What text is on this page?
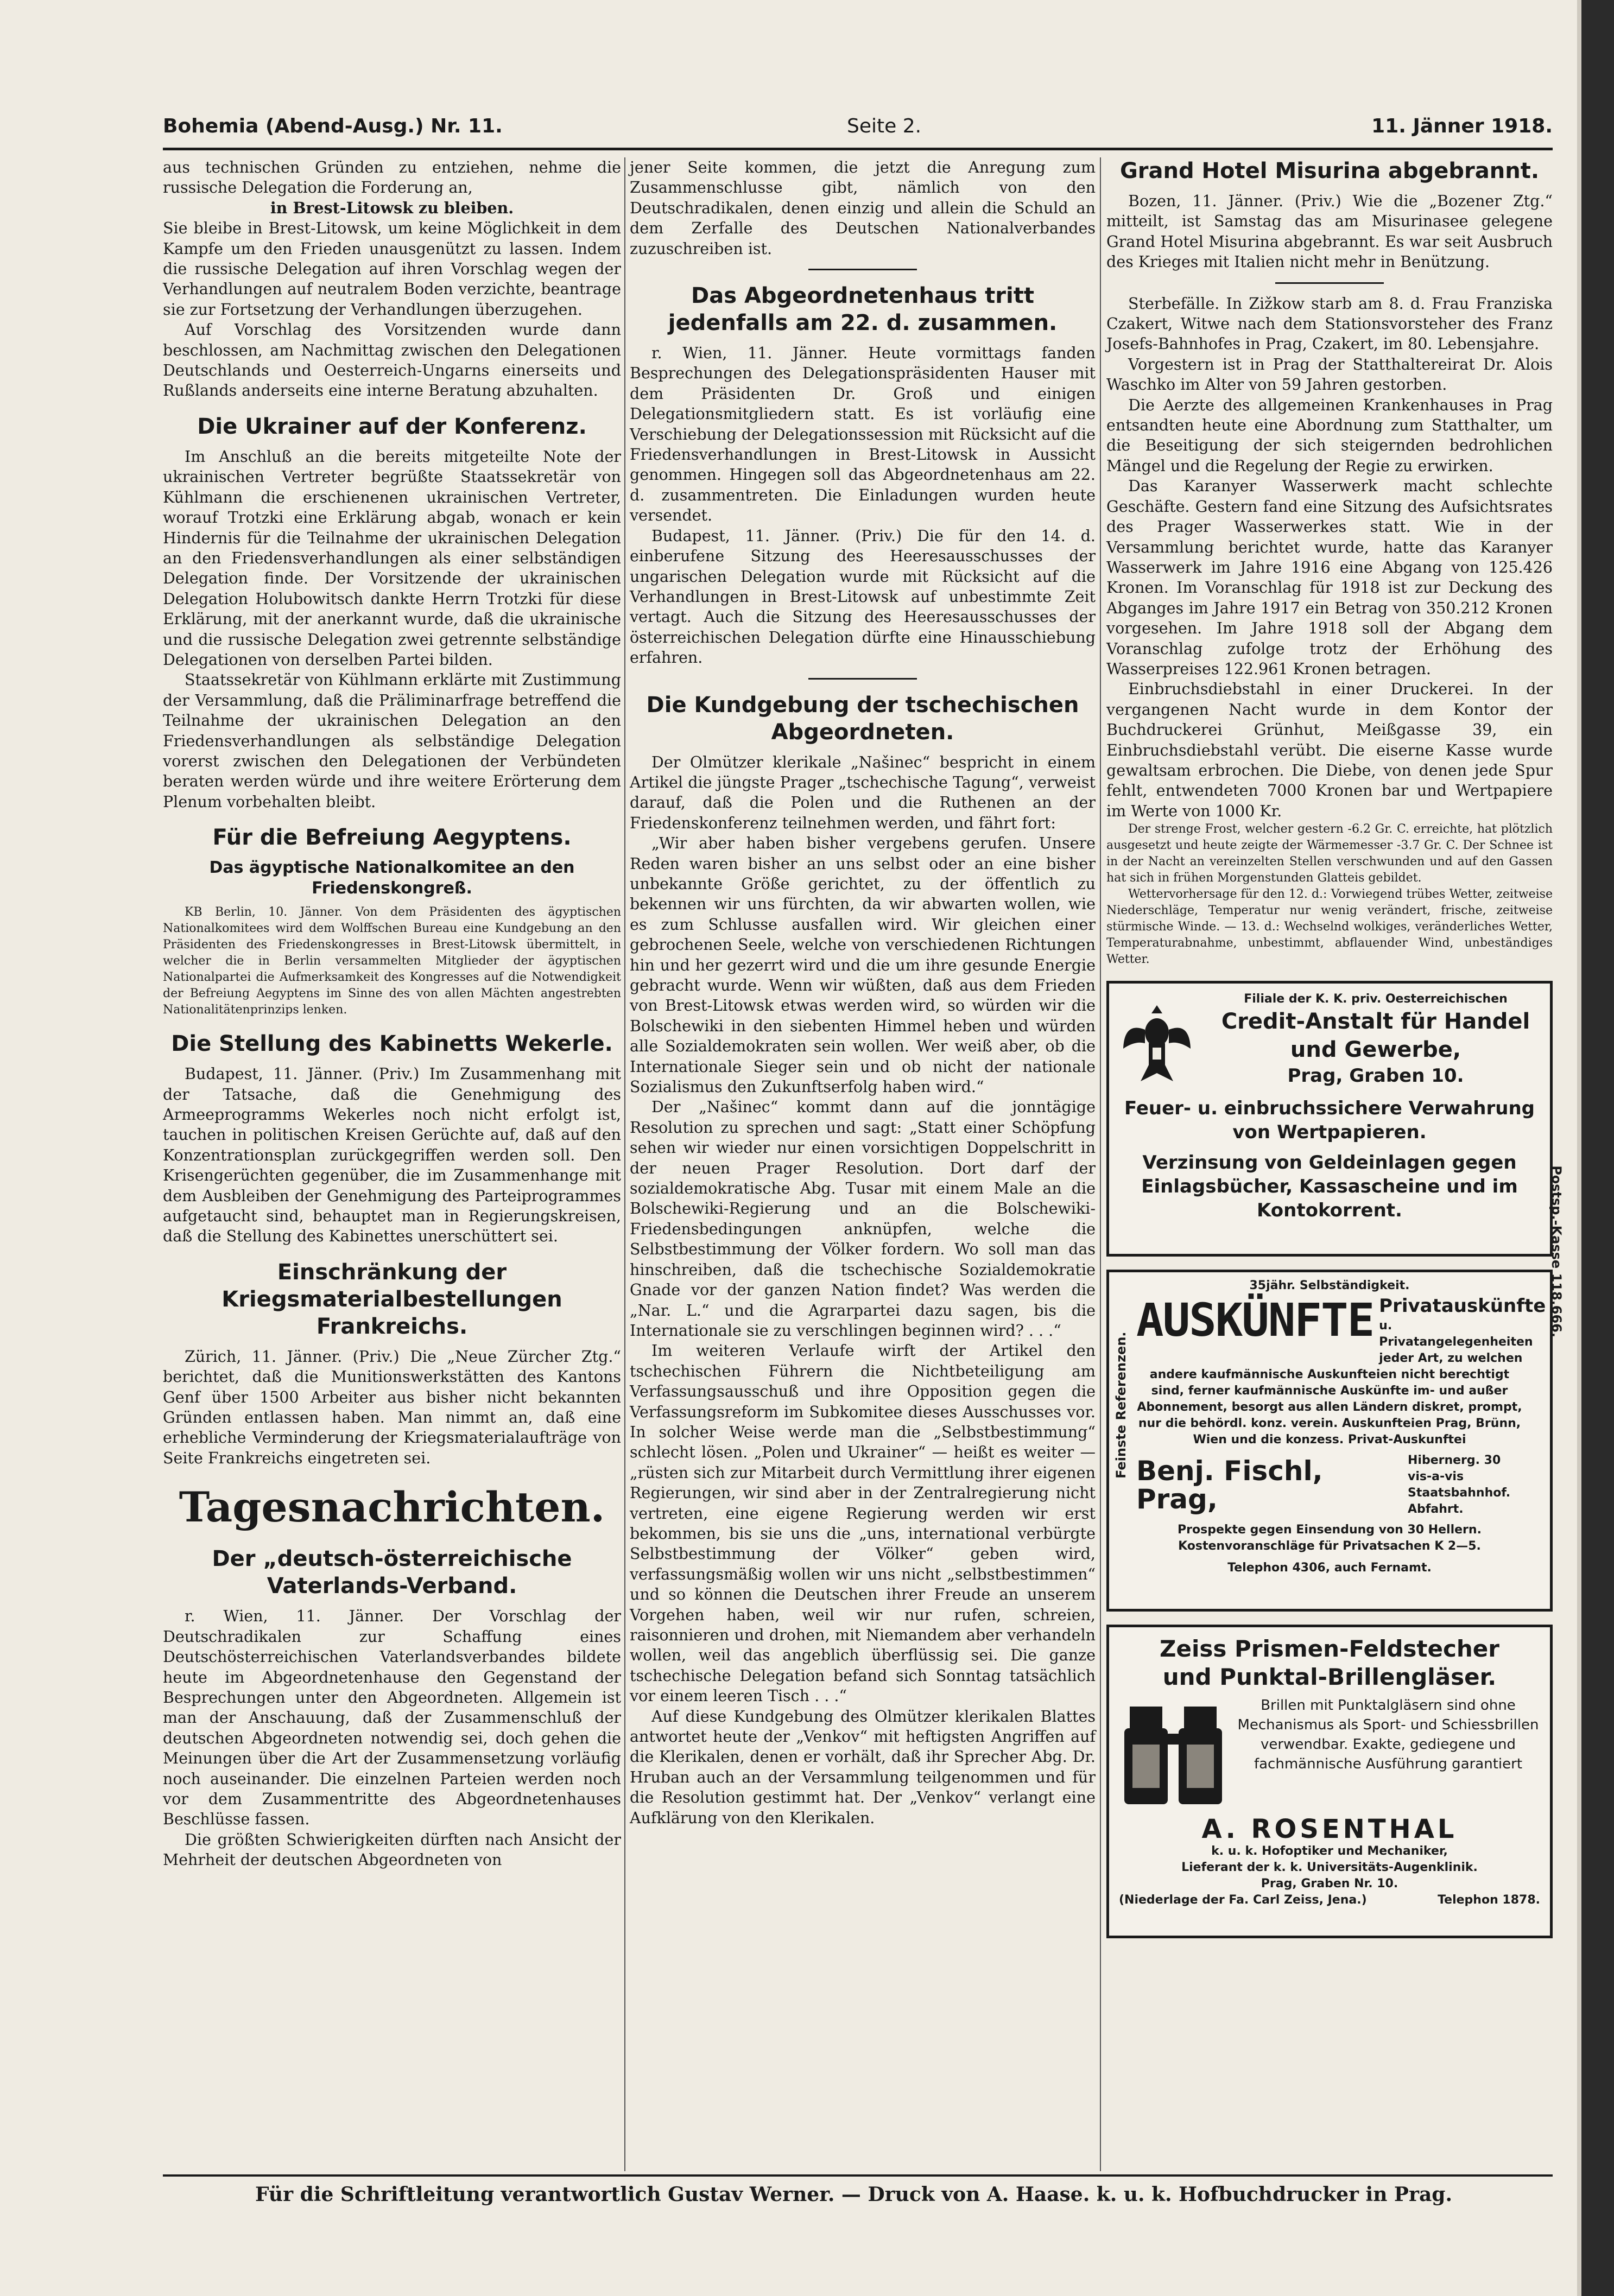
Bohemia (Abend-Ausg.) Nr. 11.	Seite 2.	11. Jänner 1918.

aus technischen Gründen zu entziehen, nehme die russische Delegation die Forderung an,

in Brest-Litowsk zu bleiben.

Sie bleibe in Brest-Litowsk, um keine Möglichkeit in dem Kampfe um den Frieden unausgenützt zu lassen. Indem die russische Delegation auf ihren Vorschlag wegen der Verhandlungen auf neutralem Boden verzichte, beantrage sie zur Fortsetzung der Verhandlungen überzugehen.

Auf Vorschlag des Vorsitzenden wurde dann beschlossen, am Nachmittag zwischen den Delegationen Deutschlands und Oesterreich-Ungarns einerseits und Rußlands anderseits eine interne Beratung abzuhalten.

Die Ukrainer auf der Konferenz.

Im Anschluß an die bereits mitgeteilte Note der ukrainischen Vertreter begrüßte Staatssekretär von Kühlmann die erschienenen ukrainischen Vertreter, worauf Trotzki eine Erklärung abgab, wonach er kein Hindernis für die Teilnahme der ukrainischen Delegation an den Friedensverhandlungen als einer selbständigen Delegation finde. Der Vorsitzende der ukrainischen Delegation Holubowitsch dankte Herrn Trotzki für diese Erklärung, mit der anerkannt wurde, daß die ukrainische und die russische Delegation zwei getrennte selbständige Delegationen von derselben Partei bilden.

Staatssekretär von Kühlmann erklärte mit Zustimmung der Versammlung, daß die Präliminarfrage betreffend die Teilnahme der ukrainischen Delegation an den Friedensverhandlungen als selbständige Delegation vorerst zwischen den Delegationen der Verbündeten beraten werden würde und ihre weitere Erörterung dem Plenum vorbehalten bleibt.

Für die Befreiung Aegyptens.
Das ägyptische Nationalkomitee an den Friedenskongreß.

KB Berlin, 10. Jänner. Von dem Präsidenten des ägyptischen Nationalkomitees wird dem Wolffschen Bureau eine Kundgebung an den Präsidenten des Friedenskongresses in Brest-Litowsk übermittelt, in welcher die in Berlin versammelten Mitglieder der ägyptischen Nationalpartei die Aufmerksamkeit des Kongresses auf die Notwendigkeit der Befreiung Aegyptens im Sinne des von allen Mächten angestrebten Nationalitätenprinzips lenken.

Die Stellung des Kabinetts Wekerle.

Budapest, 11. Jänner. (Priv.) Im Zusammenhang mit der Tatsache, daß die Genehmigung des Armeeprogramms Wekerles noch nicht erfolgt ist, tauchen in politischen Kreisen Gerüchte auf, daß auf den Konzentrationsplan zurückgegriffen werden soll. Den Krisengerüchten gegenüber, die im Zusammenhange mit dem Ausbleiben der Genehmigung des Parteiprogrammes aufgetaucht sind, behauptet man in Regierungskreisen, daß die Stellung des Kabinettes unerschüttert sei.

Einschränkung der Kriegsmaterialbestellungen Frankreichs.

Zürich, 11. Jänner. (Priv.) Die „Neue Zürcher Ztg.“ berichtet, daß die Munitionswerkstätten des Kantons Genf über 1500 Arbeiter aus bisher nicht bekannten Gründen entlassen haben. Man nimmt an, daß eine erhebliche Verminderung der Kriegsmaterialaufträge von Seite Frankreichs eingetreten sei.

Tagesnachrichten.
Der „deutsch-österreichische Vaterlands-Verband.

r. Wien, 11. Jänner. Der Vorschlag der Deutschradikalen zur Schaffung eines Deutschösterreichischen Vaterlandsverbandes bildete heute im Abgeordnetenhause den Gegenstand der Besprechungen unter den Abgeordneten. Allgemein ist man der Anschauung, daß der Zusammenschluß der deutschen Abgeordneten notwendig sei, doch gehen die Meinungen über die Art der Zusammensetzung vorläufig noch auseinander. Die einzelnen Parteien werden noch vor dem Zusammentritte des Abgeordnetenhauses Beschlüsse fassen.

Die größten Schwierigkeiten dürften nach Ansicht der Mehrheit der deutschen Abgeordneten von

jener Seite kommen, die jetzt die Anregung zum Zusammenschlusse gibt, nämlich von den Deutschradikalen, denen einzig und allein die Schuld an dem Zerfalle des Deutschen Nationalverbandes zuzuschreiben ist.

Das Abgeordnetenhaus tritt jedenfalls am 22. d. zusammen.

r. Wien, 11. Jänner. Heute vormittags fanden Besprechungen des Delegationspräsidenten Hauser mit dem Präsidenten Dr. Groß und einigen Delegationsmitgliedern statt. Es ist vorläufig eine Verschiebung der Delegationssession mit Rücksicht auf die Friedensverhandlungen in Brest-Litowsk in Aussicht genommen. Hingegen soll das Abgeordnetenhaus am 22. d. zusammentreten. Die Einladungen wurden heute versendet.

Budapest, 11. Jänner. (Priv.) Die für den 14. d. einberufene Sitzung des Heeresausschusses der ungarischen Delegation wurde mit Rücksicht auf die Verhandlungen in Brest-Litowsk auf unbestimmte Zeit vertagt. Auch die Sitzung des Heeresausschusses der österreichischen Delegation dürfte eine Hinausschiebung erfahren.

Die Kundgebung der tschechischen Abgeordneten.

Der Olmützer klerikale „Našinec“ bespricht in einem Artikel die jüngste Prager „tschechische Tagung“, verweist darauf, daß die Polen und die Ruthenen an der Friedenskonferenz teilnehmen werden, und fährt fort:

„Wir aber haben bisher vergebens gerufen. Unsere Reden waren bisher an uns selbst oder an eine bisher unbekannte Größe gerichtet, zu der öffentlich zu bekennen wir uns fürchten, da wir abwarten wollen, wie es zum Schlusse ausfallen wird. Wir gleichen einer gebrochenen Seele, welche von verschiedenen Richtungen hin und her gezerrt wird und die um ihre gesunde Energie gebracht wurde. Wenn wir wüßten, daß aus dem Frieden von Brest-Litowsk etwas werden wird, so würden wir die Bolschewiki in den siebenten Himmel heben und würden alle Sozialdemokraten sein wollen. Wer weiß aber, ob die Internationale Sieger sein und ob nicht der nationale Sozialismus den Zukunftserfolg haben wird.“

Der „Našinec“ kommt dann auf die jonntägige Resolution zu sprechen und sagt: „Statt einer Schöpfung sehen wir wieder nur einen vorsichtigen Doppelschritt in der neuen Prager Resolution. Dort darf der sozialdemokratische Abg. Tusar mit einem Male an die Bolschewiki-Regierung und an die Bolschewiki-Friedensbedingungen anknüpfen, welche die Selbstbestimmung der Völker fordern. Wo soll man das hinschreiben, daß die tschechische Sozialdemokratie Gnade vor der ganzen Nation findet? Was werden die „Nar. L.“ und die Agrarpartei dazu sagen, bis die Internationale sie zu verschlingen beginnen wird? . . .“

Im weiteren Verlaufe wirft der Artikel den tschechischen Führern die Nichtbeteiligung am Verfassungsausschuß und ihre Opposition gegen die Verfassungsreform im Subkomitee dieses Ausschusses vor. In solcher Weise werde man die „Selbstbestimmung“ schlecht lösen. „Polen und Ukrainer“ — heißt es weiter — „rüsten sich zur Mitarbeit durch Vermittlung ihrer eigenen Regierungen, wir sind aber in der Zentralregierung nicht vertreten, eine eigene Regierung werden wir erst bekommen, bis sie uns die „uns, international verbürgte Selbstbestimmung der Völker“ geben wird, verfassungsmäßig wollen wir uns nicht „selbstbestimmen“ und so können die Deutschen ihrer Freude an unserem Vorgehen haben, weil wir nur rufen, schreien, raisonnieren und drohen, mit Niemandem aber verhandeln wollen, weil das angeblich überflüssig sei. Die ganze tschechische Delegation befand sich Sonntag tatsächlich vor einem leeren Tisch . . .“

Auf diese Kundgebung des Olmützer klerikalen Blattes antwortet heute der „Venkov“ mit heftigsten Angriffen auf die Klerikalen, denen er vorhält, daß ihr Sprecher Abg. Dr. Hruban auch an der Versammlung teilgenommen und für die Resolution gestimmt hat. Der „Venkov“ verlangt eine Aufklärung von den Klerikalen.

Grand Hotel Misurina abgebrannt.

Bozen, 11. Jänner. (Priv.) Wie die „Bozener Ztg.“ mitteilt, ist Samstag das am Misurinasee gelegene Grand Hotel Misurina abgebrannt. Es war seit Ausbruch des Krieges mit Italien nicht mehr in Benützung.

Sterbefälle. In Zižkow starb am 8. d. Frau Franziska Czakert, Witwe nach dem Stationsvorsteher des Franz Josefs-Bahnhofes in Prag, Czakert, im 80. Lebensjahre.

Vorgestern ist in Prag der Statthaltereirat Dr. Alois Waschko im Alter von 59 Jahren gestorben.

Die Aerzte des allgemeinen Krankenhauses in Prag entsandten heute eine Abordnung zum Statthalter, um die Beseitigung der sich steigernden bedrohlichen Mängel und die Regelung der Regie zu erwirken.

Das Karanyer Wasserwerk macht schlechte Geschäfte. Gestern fand eine Sitzung des Aufsichtsrates des Prager Wasserwerkes statt. Wie in der Versammlung berichtet wurde, hatte das Karanyer Wasserwerk im Jahre 1916 eine Abgang von 125.426 Kronen. Im Voranschlag für 1918 ist zur Deckung des Abganges im Jahre 1917 ein Betrag von 350.212 Kronen vorgesehen. Im Jahre 1918 soll der Abgang dem Voranschlag zufolge trotz der Erhöhung des Wasserpreises 122.961 Kronen betragen.

Einbruchsdiebstahl in einer Druckerei. In der vergangenen Nacht wurde in dem Kontor der Buchdruckerei Grünhut, Meißgasse 39, ein Einbruchsdiebstahl verübt. Die eiserne Kasse wurde gewaltsam erbrochen. Die Diebe, von denen jede Spur fehlt, entwendeten 7000 Kronen bar und Wertpapiere im Werte von 1000 Kr.

Der strenge Frost, welcher gestern -6.2 Gr. C. erreichte, hat plötzlich ausgesetzt und heute zeigte der Wärmemesser -3.7 Gr. C. Der Schnee ist in der Nacht an vereinzelten Stellen verschwunden und auf den Gassen hat sich in frühen Morgenstunden Glatteis gebildet.

Wettervorhersage für den 12. d.: Vorwiegend trübes Wetter, zeitweise Niederschläge, Temperatur nur wenig verändert, frische, zeitweise stürmische Winde. — 13. d.: Wechselnd wolkiges, veränderliches Wetter, Temperaturabnahme, unbestimmt, abflauender Wind, unbeständiges Wetter.

Filiale der K. K. priv. Oesterreichischen
Credit-Anstalt für Handel und Gewerbe,
Prag, Graben 10.
Feuer- u. einbruchssichere Verwahrung von Wertpapieren.
Verzinsung von Geldeinlagen gegen Einlagsbücher, Kassascheine und im Kontokorrent.
Feinste Referenzen.
Postsp.-Kasse 118.666.
35jähr. Selbständigkeit.
AUSKÜNFTE Privatauskünfte
u. Privatangelegenheiten jeder Art, zu welchen
andere kaufmännische Auskunfteien nicht berechtigt sind, ferner kaufmännische Auskünfte im- und außer Abonnement, besorgt aus allen Ländern diskret, prompt, nur die behördl. konz. verein. Auskunfteien Prag, Brünn, Wien und die konzess. Privat-Auskunftei
Benj. Fischl, Prag,
Hibernerg. 30 vis-a-vis Staatsbahnhof. Abfahrt.
Prospekte gegen Einsendung von 30 Hellern. Kostenvoranschläge für Privatsachen K 2—5.
Telephon 4306, auch Fernamt.
Zeiss Prismen-Feldstecher
und Punktal-Brillengläser.
Brillen mit Punktalgläsern sind ohne Mechanismus als Sport- und Schiessbrillen verwendbar. Exakte, gediegene und fachmännische Ausführung garantiert
A. ROSENTHAL
k. u. k. Hofoptiker und Mechaniker,
Lieferant der k. k. Universitäts-Augenklinik.
Prag, Graben Nr. 10.
(Niederlage der Fa. Carl Zeiss, Jena.)	Telephon 1878.
Für die Schriftleitung verantwortlich Gustav Werner. — Druck von A. Haase. k. u. k. Hofbuchdrucker in Prag.
